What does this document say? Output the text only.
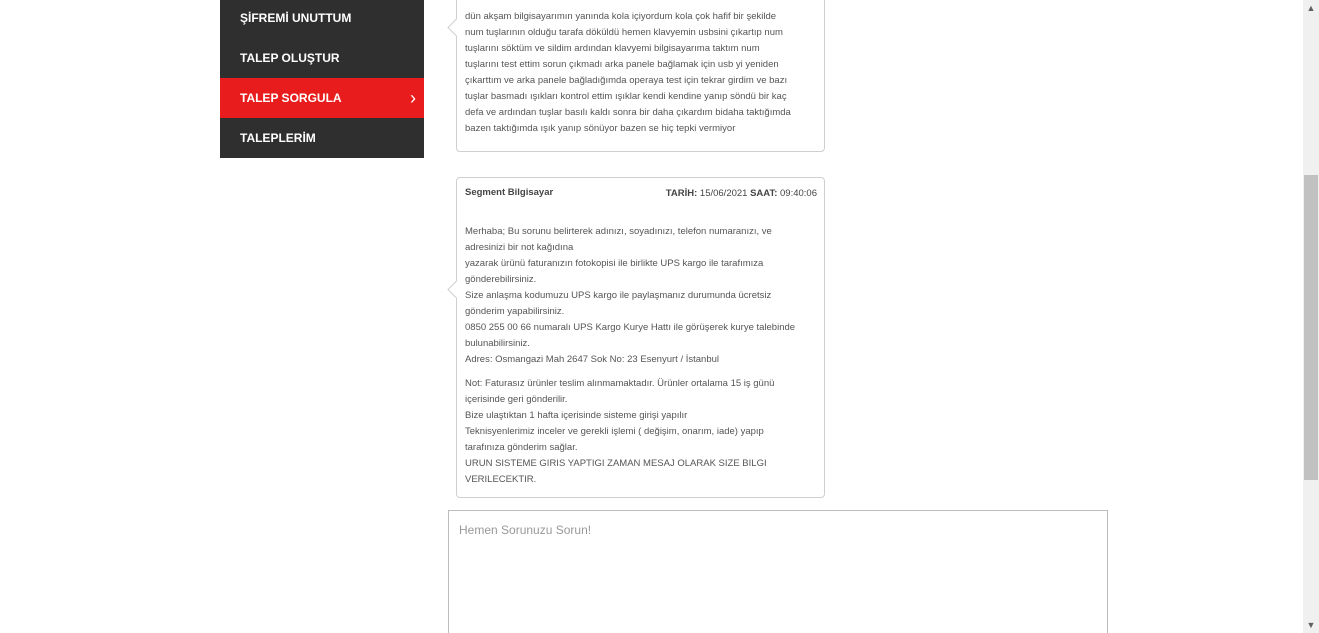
ŞİFREMİ UNUTTUM
TALEP OLUŞTUR
TALEP SORGULA	›
TALEPLERİM

dün akşam bilgisayarımın yanında kola içiyordum kola çok hafif bir şekilde

num tuşlarının olduğu tarafa döküldü hemen klavyemin usbsini çıkartıp num

tuşlarını söktüm ve sildim ardından klavyemi bilgisayarıma taktım num

tuşlarını test ettim sorun çıkmadı arka panele bağlamak için usb yi yeniden

çıkarttım ve arka panele bağladığımda operaya test için tekrar girdim ve bazı

tuşlar basmadı ışıkları kontrol ettim ışıklar kendi kendine yanıp söndü bir kaç

defa ve ardından tuşlar basılı kaldı sonra bir daha çıkardım bidaha taktığımda

bazen taktığımda ışık yanıp sönüyor bazen se hiç tepki vermiyor

Segment Bilgisayar	TARİH: 15/06/2021 SAAT: 09:40:06

Merhaba; Bu sorunu belirterek adınızı, soyadınızı, telefon numaranızı, ve

adresinizi bir not kağıdına

yazarak ürünü faturanızın fotokopisi ile birlikte UPS kargo ile tarafımıza

gönderebilirsiniz.

Size anlaşma kodumuzu UPS kargo ile paylaşmanız durumunda ücretsiz

gönderim yapabilirsiniz.

0850 255 00 66 numaralı UPS Kargo Kurye Hattı ile görüşerek kurye talebinde

bulunabilirsiniz.

Adres: Osmangazi Mah 2647 Sok No: 23 Esenyurt / İstanbul

Not: Faturasız ürünler teslim alınmamaktadır. Ürünler ortalama 15 iş günü

içerisinde geri gönderilir.

Bize ulaştıktan 1 hafta içerisinde sisteme girişi yapılır

Teknisyenlerimiz inceler ve gerekli işlemi ( değişim, onarım, iade) yapıp

tarafınıza gönderim sağlar.

URUN SISTEME GIRIS YAPTIGI ZAMAN MESAJ OLARAK SIZE BILGI VERILECEKTIR.

Hemen Sorunuzu Sorun!
▲
▼
